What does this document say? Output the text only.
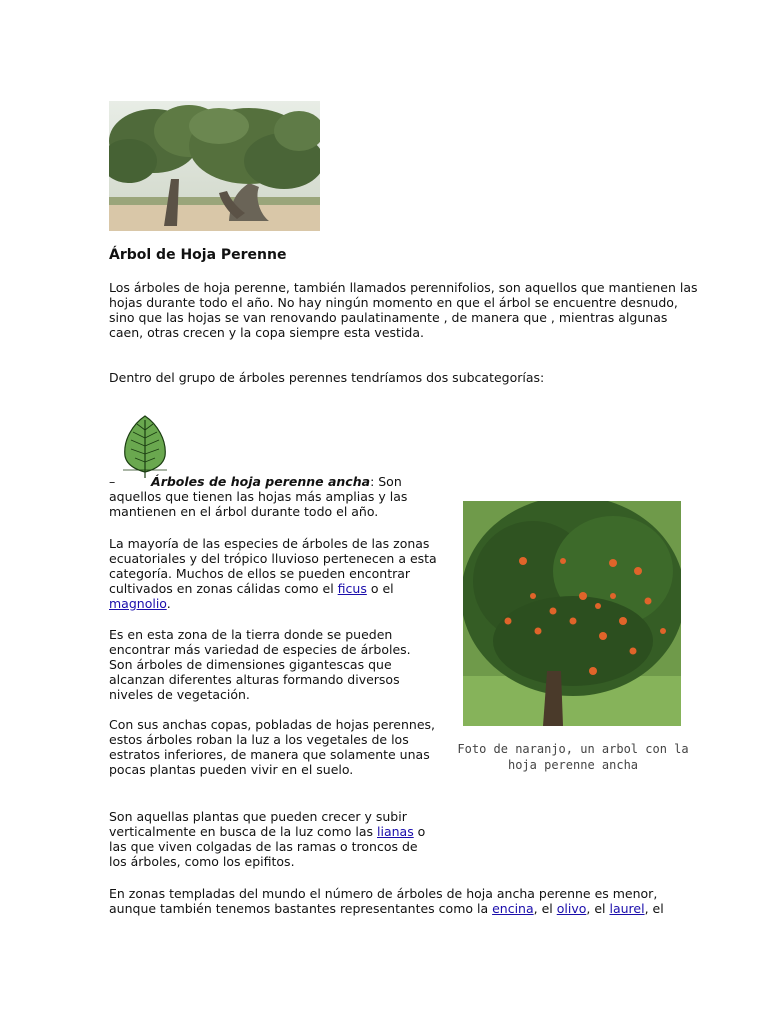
Árbol de Hoja Perenne

Los árboles de hoja perenne, también llamados perennifolios, son aquellos que mantienen las hojas durante todo el año. No hay ningún momento en que el árbol se encuentre desnudo, sino que las hojas se van renovando paulatinamente , de manera que , mientras algunas caen, otras crecen y la copa siempre esta vestida.

Dentro del grupo de árboles perennes tendríamos dos subcategorías:

–	Árboles de hoja perenne ancha: Son aquellos que tienen las hojas más amplias y las mantienen en el árbol durante todo el año.

La mayoría de las especies de árboles de las zonas ecuatoriales y del trópico lluvioso pertenecen a esta categoría. Muchos de ellos se pueden encontrar cultivados en zonas cálidas como el ficus o el magnolio.

Es en esta zona de la tierra donde se pueden encontrar más variedad de especies de árboles. Son árboles de dimensiones gigantescas que alcanzan diferentes alturas formando diversos niveles de vegetación.

Con sus anchas copas, pobladas de hojas perennes, estos árboles roban la luz a los vegetales de los estratos inferiores, de manera que solamente unas pocas plantas pueden vivir en el suelo.

Son aquellas plantas que pueden crecer y subir verticalmente en busca de la luz como las lianas o las que viven colgadas de las ramas o troncos de los árboles, como los epifitos.

En zonas templadas del mundo el número de árboles de hoja ancha perenne es menor, aunque también tenemos bastantes representantes como la encina, el olivo, el laurel, el

Foto de naranjo, un arbol con la hoja perenne ancha
